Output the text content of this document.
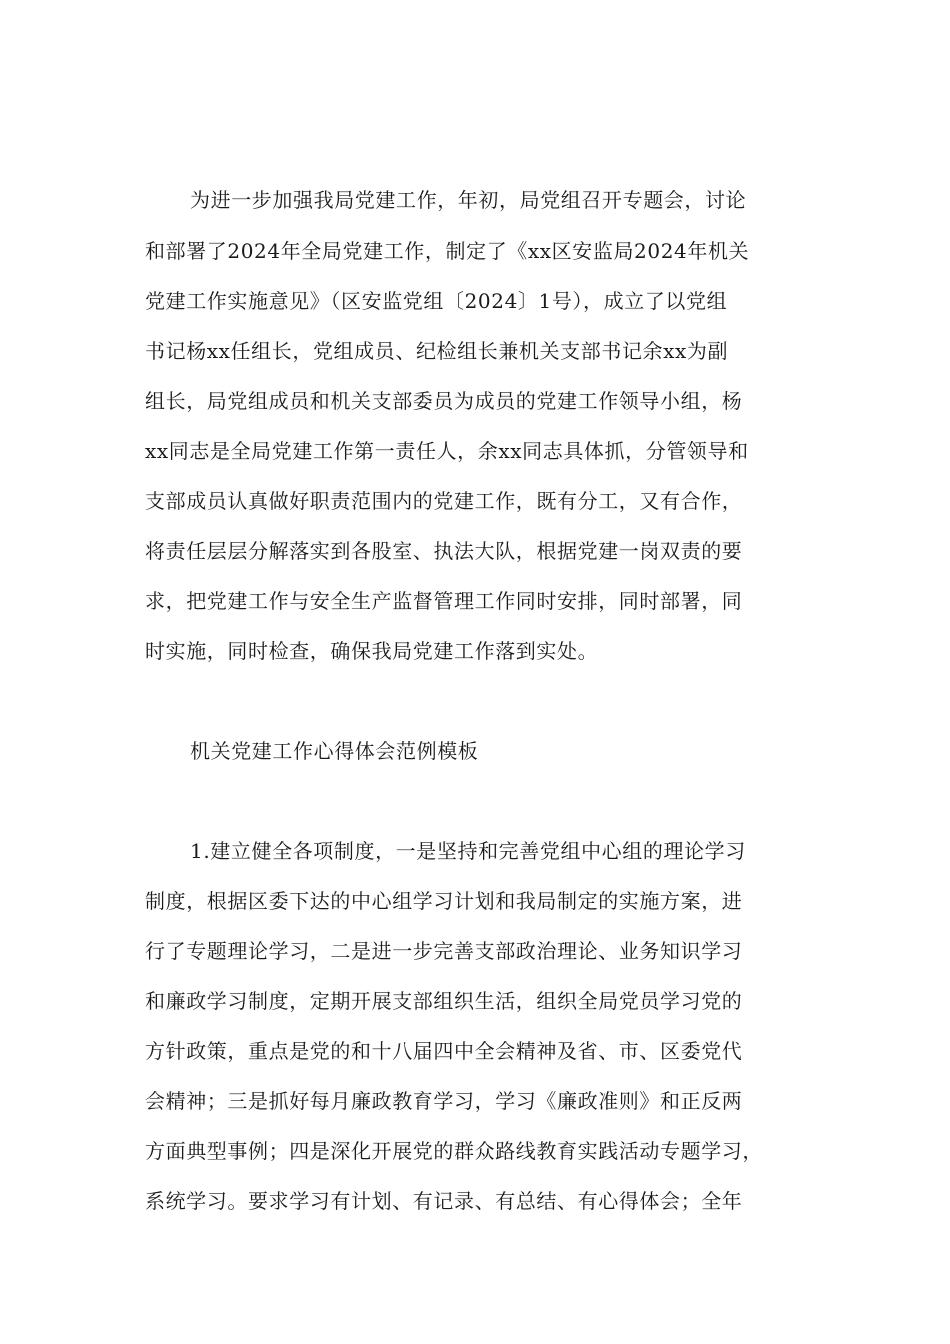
为进一步加强我局党建工作，年初，局党组召开专题会，讨论
和部署了2024年全局党建工作，制定了《xx区安监局2024年机关
党建工作实施意见》（区安监党组〔2024〕1号），成立了以党组
书记杨xx任组长，党组成员、纪检组长兼机关支部书记余xx为副
组长，局党组成员和机关支部委员为成员的党建工作领导小组，杨
xx同志是全局党建工作第一责任人，余xx同志具体抓，分管领导和
支部成员认真做好职责范围内的党建工作，既有分工，又有合作，
将责任层层分解落实到各股室、执法大队，根据党建一岗双责的要
求，把党建工作与安全生产监督管理工作同时安排，同时部署，同
时实施，同时检查，确保我局党建工作落到实处。
机关党建工作心得体会范例模板
1.建立健全各项制度，一是坚持和完善党组中心组的理论学习
制度，根据区委下达的中心组学习计划和我局制定的实施方案，进
行了专题理论学习，二是进一步完善支部政治理论、业务知识学习
和廉政学习制度，定期开展支部组织生活，组织全局党员学习党的
方针政策，重点是党的和十八届四中全会精神及省、市、区委党代
会精神；三是抓好每月廉政教育学习，学习《廉政准则》和正反两
方面典型事例；四是深化开展党的群众路线教育实践活动专题学习，
系统学习。要求学习有计划、有记录、有总结、有心得体会；全年
